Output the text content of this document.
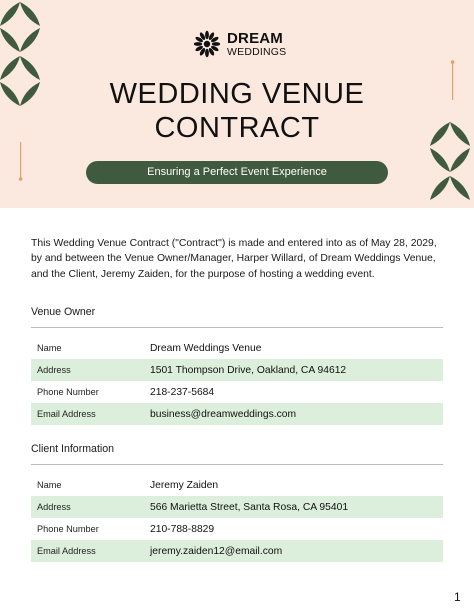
DREAM
WEDDINGS
WEDDING VENUE
CONTRACT
Ensuring a Perfect Event Experience

This Wedding Venue Contract ("Contract") is made and entered into as of May 28, 2029, by and between the Venue Owner/Manager, Harper Willard, of Dream Weddings Venue, and the Client, Jeremy Zaiden, for the purpose of hosting a wedding event.

Venue Owner
Name	Dream Weddings Venue
Address	1501 Thompson Drive, Oakland, CA 94612
Phone Number	218-237-5684
Email Address	business@dreamweddings.com
Client Information
Name	Jeremy Zaiden
Address	566 Marietta Street, Santa Rosa, CA 95401
Phone Number	210-788-8829
Email Address	jeremy.zaiden12@email.com
1
